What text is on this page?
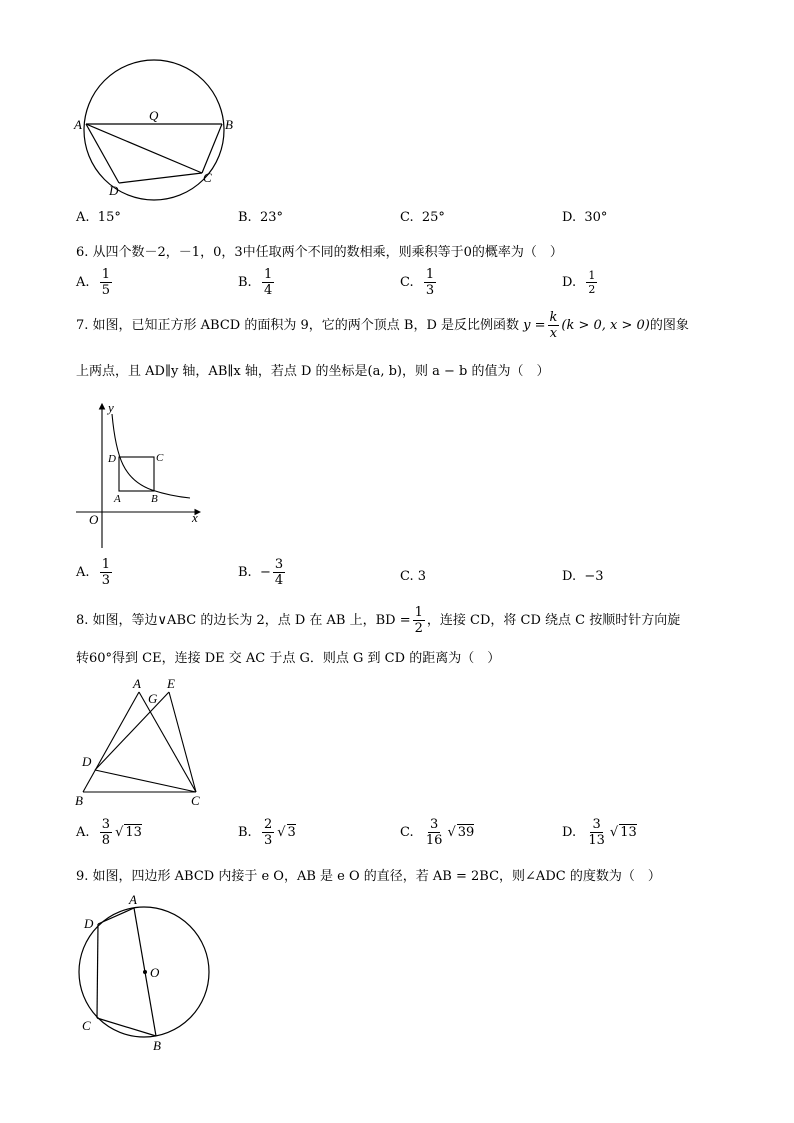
A	B
Q
C
D
A. 15°	B. 23°	C. 25°	D. 30°
6. 从四个数－2，－1，0，3中任取两个不同的数相乘，则乘积等于0的概率为（　）
A. $\frac{1}{5}$	B. $\frac{1}{4}$	C. $\frac{1}{3}$	D. $\frac{1}{2}$
7. 如图，已知正方形 ABCD 的面积为 9，它的两个顶点 B，D 是反比例函数 $y = \frac{k}{x} (k > 0$, x > 0)的图象
上两点，且 AD∥y 轴，AB∥x 轴，若点 D 的坐标是(a, b)，则 a − b 的值为（　）
y
x
O
D	C
A	B
A. $\frac{1}{3}$	B. − $\frac{3}{4}$	C. 3	D. −3
8. 如图，等边∨ABC 的边长为 2，点 D 在 AB 上，BD = $\frac{1}{2}$ ，连接 CD，将 CD 绕点 C 按顺时针方向旋
转60°得到 CE，连接 DE 交 AC 于点 G．则点 G 到 CD 的距离为（　）
A E
G
D
B	C
A. $\frac{3}{8}$ √ 13	B. $\frac{2}{3}$ √ 3	C. $\frac{3}{16}$ √ 39	D. $\frac{3}{13}$ √ 13
9. 如图，四边形 ABCD 内接于 e O，AB 是 e O 的直径，若 AB = 2BC，则∠ADC 的度数为（　）
A
D
O
C
B
